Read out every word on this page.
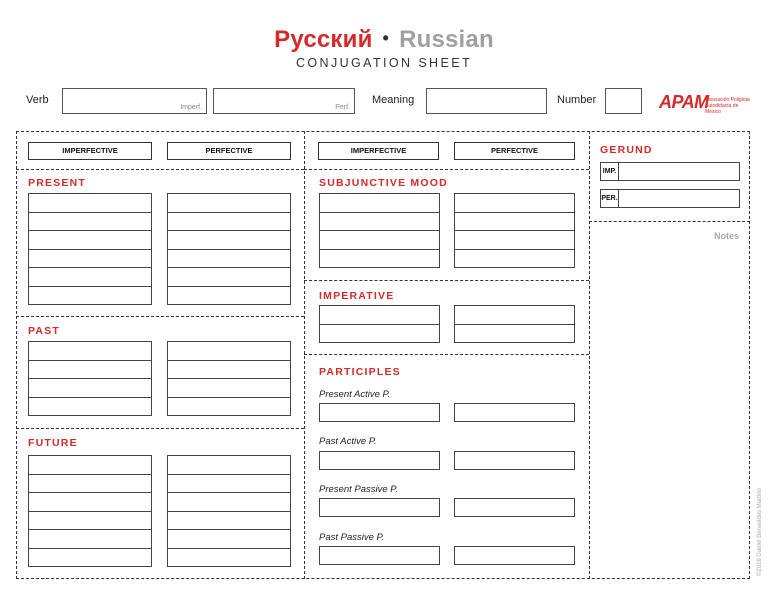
Русский • Russian
CONJUGATION SHEET
Verb
Imperf.	Perf.
Meaning	Number	APAM
Asociación Poliglota
Autodidacta de México
IMPERFECTIVE	PERFECTIVE
PRESENT
PAST
FUTURE
IMPERFECTIVE	PERFECTIVE
SUBJUNCTIVE MOOD
IMPERATIVE
PARTICIPLES
Present Active P.
Past Active P.
Present Passive P.
Past Passive P.
GERUND
IMP.
PER.
Notes
©2016 Daniel Benavides Martino
